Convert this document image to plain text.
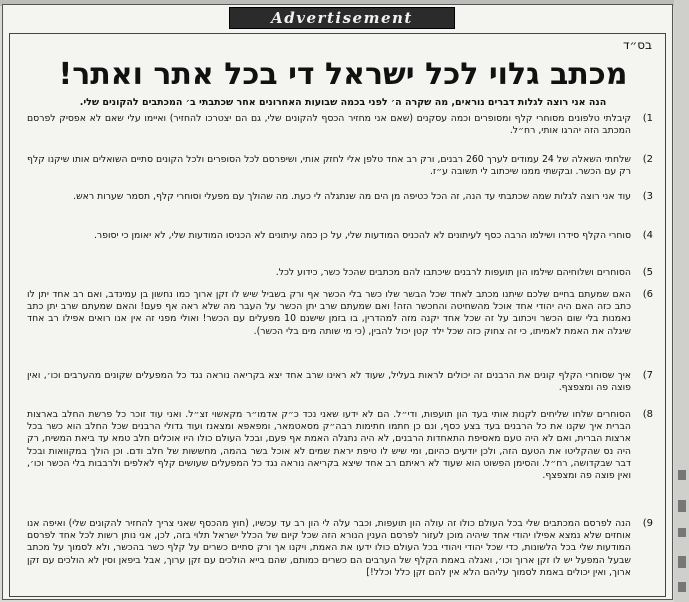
Advertisement
בס״ד
מכתב גלוי לכל ישראל די בכל אתר ואתר!
הנה אני רוצה לגלות דברים נוראים, מה שקרה ה׳ לפני בכמה שבועות האחרונים אחר שכתבתי ב׳ המכתבים להקונים שלי.
1)
קיבלתי טלפונים מסוחרי קלף ומסופרים וכמה עסקנים (שאם אני מחזיר הכסף להקונים שלי, גם הם יצטרכו להחזיר) ואיימו עלי שאם לא אפסיק לפרסם המכתב הזה יהרגו אותי, רח״ל.
2)
שלחתי השאלה של 24 עמודים לערך 260 רבנים, ורק רב אחד טלפן אלי לחזק אותי, ושיפרסם לכל הסופרים ולכל הקונים סתיים השואלים אותו שיקנו קלף רק עם הכשר. ובקשתי ממנו שיכתוב לי תשובה ע״ז.
3)
עוד אני רוצה לגלות שמה שכתבתי עד הנה, זה הכל כטיפה מן הים מה שנתגלה לי כעת. מה שהולך עם מפעלי וסוחרי קלף, תסמר שערות ראש.
4)
סוחרי הקלף סידרו ושילמו הרבה כסף לעיתונים לא להכניס המודעות שלי, על כן כמה עיתונים לא הכניסו המודעות שלי, לא יאומן כי יסופר.
5)
הסוחרים ושלוחיהם שילמו הון תועפות לרבנים שיכתבו להם מכתבים שהכל כשר, כידוע לכל.
6)
האם שמעתם בחיים שלכם שיתנו מכתב לאחד שכל הבשר שלו כשר בלי הכשר אף ורק בשביל שיש לו זקן ארוך כמו נחשון בן עמינדב, ואם רב אחד יתן לו כתב כזה האם היה יהודי אחד אוכל מהשחיטה והחכשר הזה! ואם שמעתם שרב יתן הכשר על העבר מה שלא ראה אף פעם! והאם שמעתם שרב יתן כתב נאמנות בלי שום הכשר ויכתוב על זה שכל אחד יקנה מזה למהדרין, בו בזמן שישנם 10 מפעלים עם הכשר! ואולי מפני זה אין אנו רואים אפילו רב אחד שיגלה את האמת לאמיתו, כי זה צחוק כזה שכל ילד קטן יכול להבין, (כי מי שותה מים בלי הכשר).
7)
איך שסוחרי הקלף קונים את הרבנים זה יכולים לראות בעליל, שעוד לא ראינו שרב אחד יצא בקריאה נוראה נגד כל המפעלים שקונים מהערבים וכו׳, ואין פוצה פה ומצפצף.
8)
הסוחרים שלחו שליחים לקנות אותי בעד הון תועפות, ודי״ל. הם לא ידעו שאני נכד כ״ק אדמו״ר מקאשוי זצ״ל. ואני עוד זוכר כל פרשת החלב בארצות הברית איך שקנו את כל הרבנים בעד בצע כסף, ונם כן חתמו חתימות רבה״ק מסאטמאר, ומפאפא ומצאנז ועוד גדולי הרבנים שכל החלב הוא כשר בכל ארצות הברית, ואם לא היה טעם מאסיפת התאחדות הרבנים, לא היה נתגלה האמת אף פעם, ובכל העולם כולו היו אוכלים חלב טמא עד ביאת המשיח, רק היה נס שהקליטו את הטעם הזה, ולכן יודעים כהיום, ומי שיש לו טיפת יראת שמים לא אוכל בשר בהמה, מחששות של חלב ודם. וכן הולך במקוואות ובכל דבר שבקדושה, רח״ל. והסימן הפשוט הוא שעוד לא ראיתם רב אחד שיצא בקריאה נוראה נגד כל המפעלים שעושים קלף לאלפים ולרבבות בלי הכשר וכו׳, ואין פוצה פה ומצפצף.
9)
הנה לפרסם המכתבים שלי בכל העולם כולו זה עולה הון תועפות, וכבר עלה לי הון רב עד עכשיו, (חוץ מהכסף שאני צריך להחזיר להקונים שלי) ואיפה אנו אוחזים שלא נמצא אפילו יהודי אחד שיהיה מוכן לעזור לפרסם הענין הנורא הזה שכל קיום של הכלל ישראל תלוי בזה, לכן, אני נותן רשות לכל אחד לפרסם המודעות שלי בכל הלשונות, כדי שכל יהודי ויהודי בכל העולם כולו ידעו את האמת, ויקנו אך ורק סתיים כשרים על קלף כשר בהכשר, ולא לסמוך על מכתב שבעל המפעל יש לו זקן ארוך וכו׳, ואגלה באמת הקלף של הערבים הם כשרים כמותם, שהם בייא הולכים עם זקן ערוך, אבל ביפאן וסין לא הולכים עם זקן ארוך, ואין יכולים באמת לסמוך עליהם הלא אין להם זקן כלל וכלל!]
